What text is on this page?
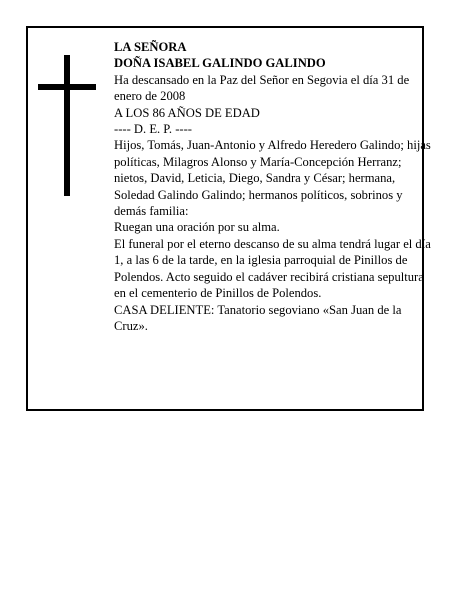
LA SEÑORA

DOÑA ISABEL GALINDO GALINDO

Ha descansado en la Paz del Señor en Segovia el día 31 de enero de 2008

A LOS 86 AÑOS DE EDAD

---- D. E. P. ----

Hijos, Tomás, Juan-Antonio y Alfredo Heredero Galindo; hijas políticas, Milagros Alonso y María-Concepción Herranz; nietos, David, Leticia, Diego, Sandra y César; hermana, Soledad Galindo Galindo; hermanos políticos, sobrinos y demás familia:

Ruegan una oración por su alma.

El funeral por el eterno descanso de su alma tendrá lugar el día 1, a las 6 de la tarde, en la iglesia parroquial de Pinillos de Polendos. Acto seguido el cadáver recibirá cristiana sepultura en el cementerio de Pinillos de Polendos.

CASA DELIENTE: Tanatorio segoviano «San Juan de la Cruz».
